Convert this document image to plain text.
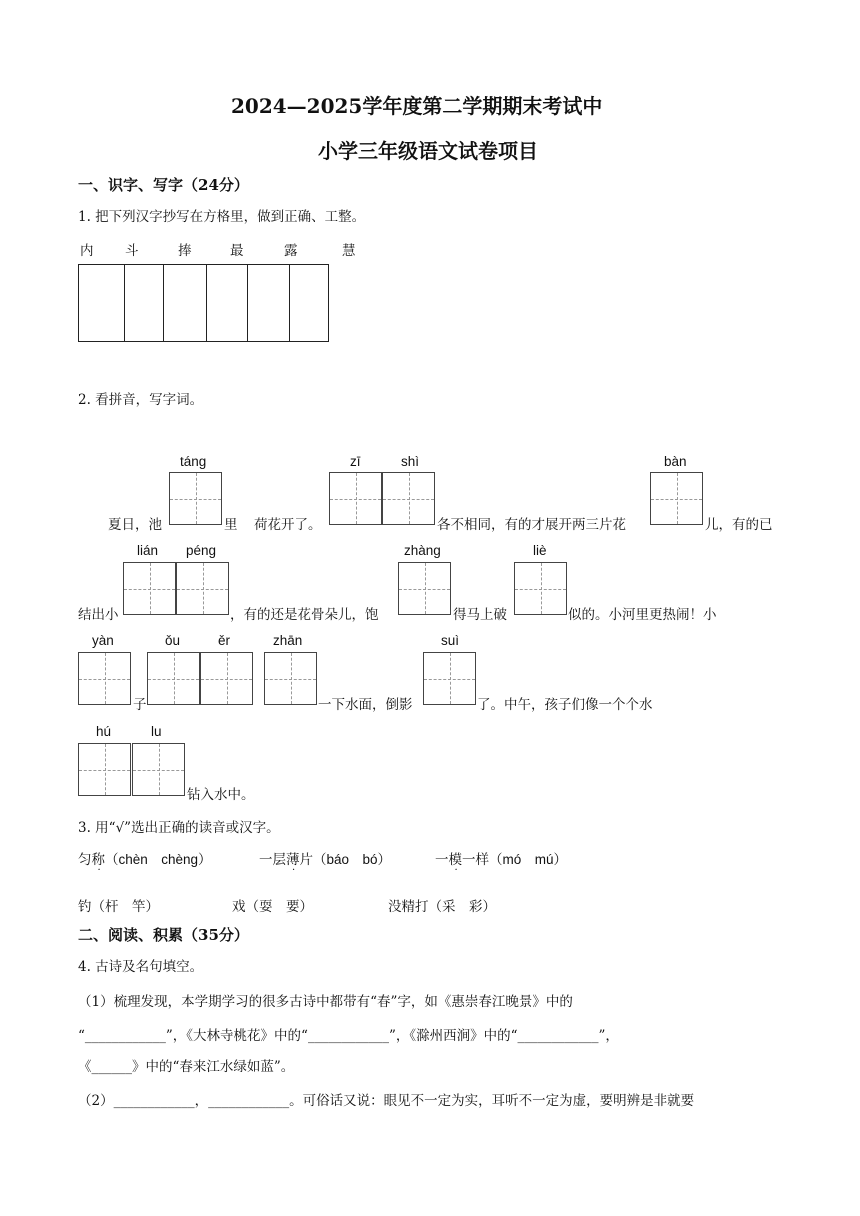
2024—2025学年度第二学期期末考试中
小学三年级语文试卷项目
一、识字、写字（24分）
1. 把下列汉字抄写在方格里，做到正确、工整。
内 斗	捧	最	露	慧
2. 看拼音，写字词。
táng	zī	shì	bàn
夏日，池	里 荷花开了。	各不相同，有的才展开两三片花	儿，有的已
lián péng	zhàng	liè
结出小	，有的还是花骨朵儿，饱	得马上破	似的。小河里更热闹！小
yàn	ǒu	ěr	zhān	suì
子	一下水面，倒影	了。中午，孩子们像一个个水
hú	lu
钻入水中。
3. 用“√”选出正确的读音或汉字。
匀称
·
（chèn　chèng）	一层薄
·
片（báo　bó）	一模
·
一样（mó　mú）
钓（杆　竿）	戏（耍　要）	没精打（采　彩）
二、阅读、积累（35分）
4. 古诗及名句填空。
（1）梳理发现，本学期学习的很多古诗中都带有“春”字，如《惠崇春江晚景》中的
“____________”，《大林寺桃花》中的“____________”，《滁州西涧》中的“____________”，
《______》中的“春来江水绿如蓝”。
（2）____________，____________。可俗话又说：眼见不一定为实，耳听不一定为虚，要明辨是非就要
